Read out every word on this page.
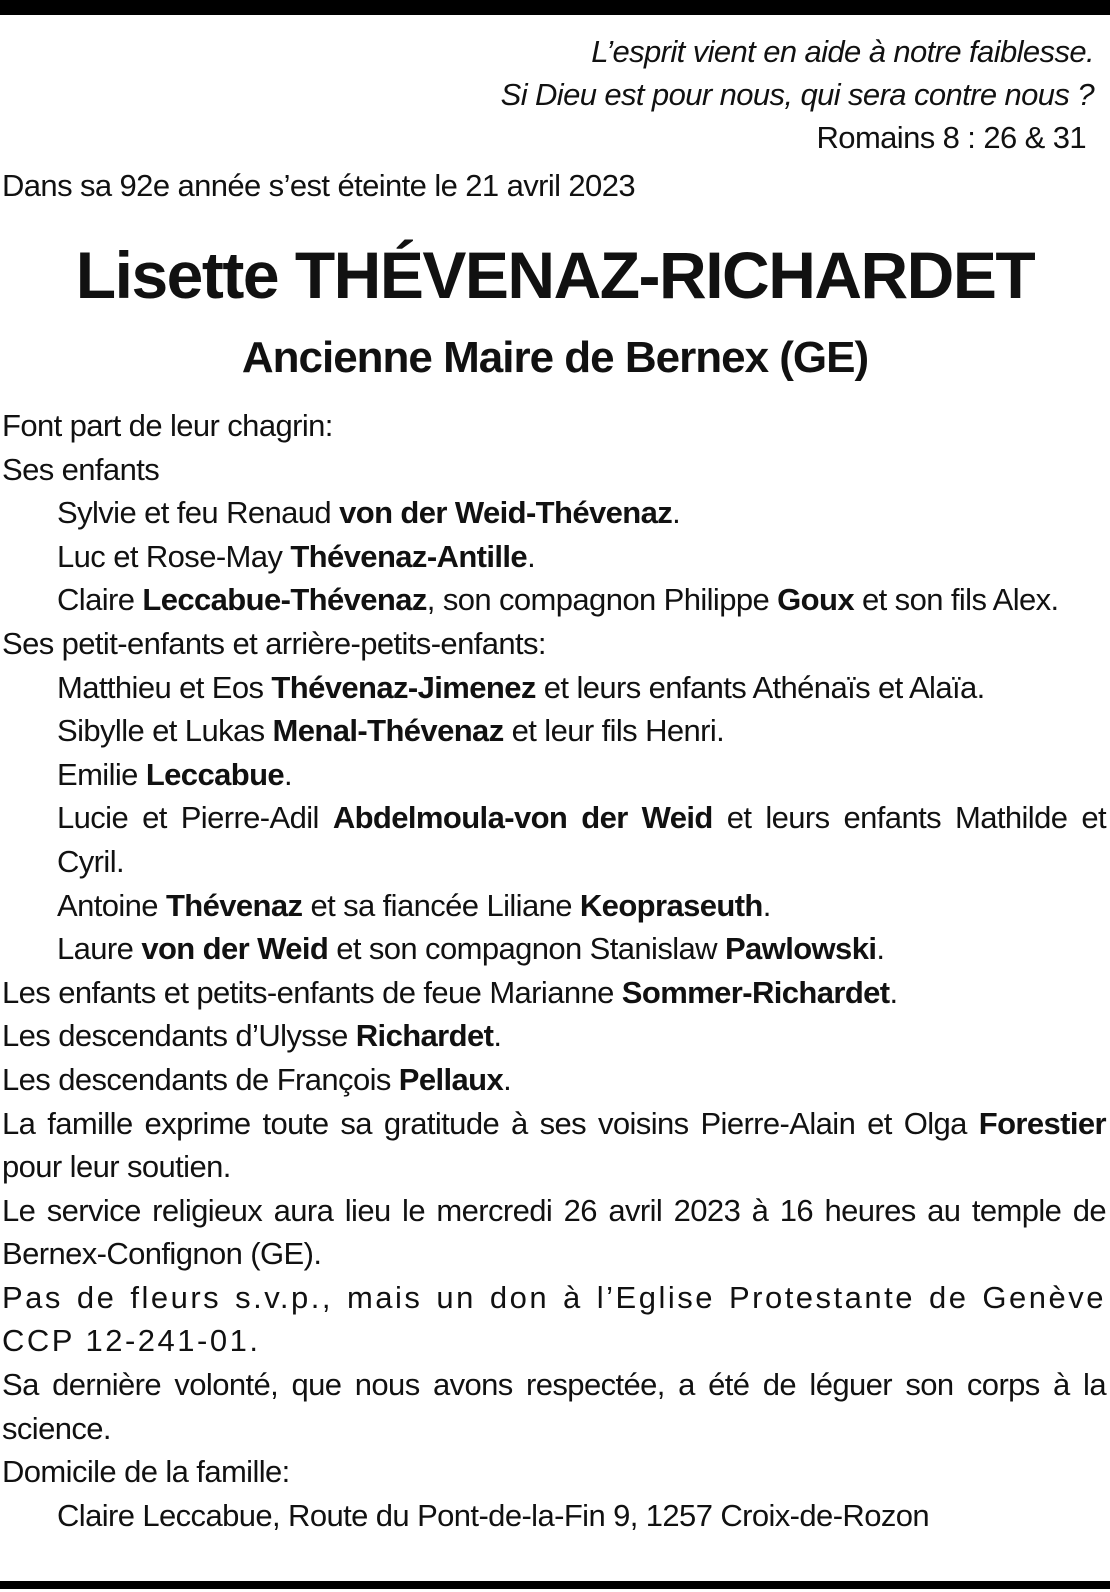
L’esprit vient en aide à notre faiblesse.
Si Dieu est pour nous, qui sera contre nous ?
Romains 8 : 26 & 31
Dans sa 92e année s’est éteinte le 21 avril 2023
Lisette THÉVENAZ-RICHARDET
Ancienne Maire de Bernex (GE)
Font part de leur chagrin:
Ses enfants
Sylvie et feu Renaud von der Weid-Thévenaz.
Luc et Rose-May Thévenaz-Antille.
Claire Leccabue-Thévenaz, son compagnon Philippe Goux et son fils Alex.
Ses petit-enfants et arrière-petits-enfants:
Matthieu et Eos Thévenaz-Jimenez et leurs enfants Athénaïs et Alaïa.
Sibylle et Lukas Menal-Thévenaz et leur fils Henri.
Emilie Leccabue.
Lucie et Pierre-Adil Abdelmoula-von der Weid et leurs enfants Mathilde et Cyril.
Antoine Thévenaz et sa fiancée Liliane Keopraseuth.
Laure von der Weid et son compagnon Stanislaw Pawlowski.
Les enfants et petits-enfants de feue Marianne Sommer-Richardet.
Les descendants d’Ulysse Richardet.
Les descendants de François Pellaux.
La famille exprime toute sa gratitude à ses voisins Pierre-Alain et Olga Forestier pour leur soutien.
Le service religieux aura lieu le mercredi 26 avril 2023 à 16 heures au temple de Bernex-Confignon (GE).
Pas de fleurs s.v.p., mais un don à l’Eglise Protestante de Genève CCP 12-241-01.
Sa dernière volonté, que nous avons respectée, a été de léguer son corps à la science.
Domicile de la famille:
Claire Leccabue, Route du Pont-de-la-Fin 9, 1257 Croix-de-Rozon
